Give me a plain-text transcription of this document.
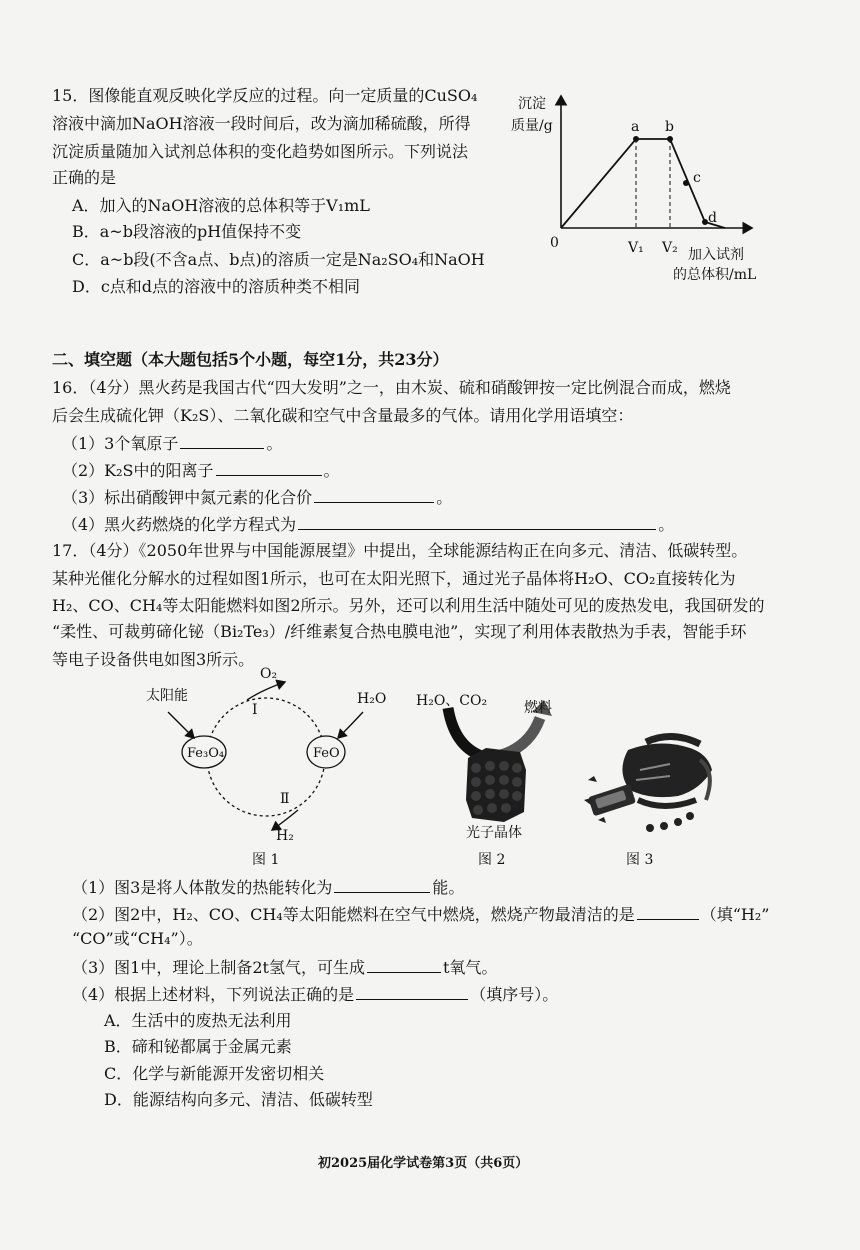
15．图像能直观反映化学反应的过程。向一定质量的CuSO₄
溶液中滴加NaOH溶液一段时间后，改为滴加稀硫酸，所得
沉淀质量随加入试剂总体积的变化趋势如图所示。下列说法
正确的是
A．加入的NaOH溶液的总体积等于V₁mL
B．a~b段溶液的pH值保持不变
C．a~b段(不含a点、b点)的溶质一定是Na₂SO₄和NaOH
D．c点和d点的溶液中的溶质种类不相同
沉淀
质量/g
0
a b
c
d
V₁ V₂ 加入试剂
的总体积/mL
二、填空题（本大题包括5个小题，每空1分，共23分）
16．（4分）黑火药是我国古代“四大发明”之一，由木炭、硫和硝酸钾按一定比例混合而成，燃烧
后会生成硫化钾（K₂S）、二氧化碳和空气中含量最多的气体。请用化学用语填空：
（1）3个氧原子	。
（2）K₂S中的阳离子	。
（3）标出硝酸钾中氮元素的化合价	。
（4）黑火药燃烧的化学方程式为	。
17．（4分）《2050年世界与中国能源展望》中提出，全球能源结构正在向多元、清洁、低碳转型。
某种光催化分解水的过程如图1所示，也可在太阳光照下，通过光子晶体将H₂O、CO₂直接转化为
H₂、CO、CH₄等太阳能燃料如图2所示。另外，还可以利用生活中随处可见的废热发电，我国研发的
“柔性、可裁剪碲化铋（Bi₂Te₃）/纤维素复合热电膜电池”，实现了利用体表散热为手表，智能手环
等电子设备供电如图3所示。
太阳能
O₂
H₂O
Fe₃O₄	FeO
Ⅰ
Ⅱ
H₂
图 1
H₂O、CO₂	燃料
光子晶体
图 2	图 3
（1）图3是将人体散发的热能转化为	能。
（2）图2中，H₂、CO、CH₄等太阳能燃料在空气中燃烧，燃烧产物最清洁的是	（填“H₂”
“CO”或“CH₄”）。
（3）图1中，理论上制备2t氢气，可生成	t氧气。
（4）根据上述材料，下列说法正确的是	（填序号）。
A．生活中的废热无法利用
B．碲和铋都属于金属元素
C．化学与新能源开发密切相关
D．能源结构向多元、清洁、低碳转型
初2025届化学试卷第3页（共6页）
